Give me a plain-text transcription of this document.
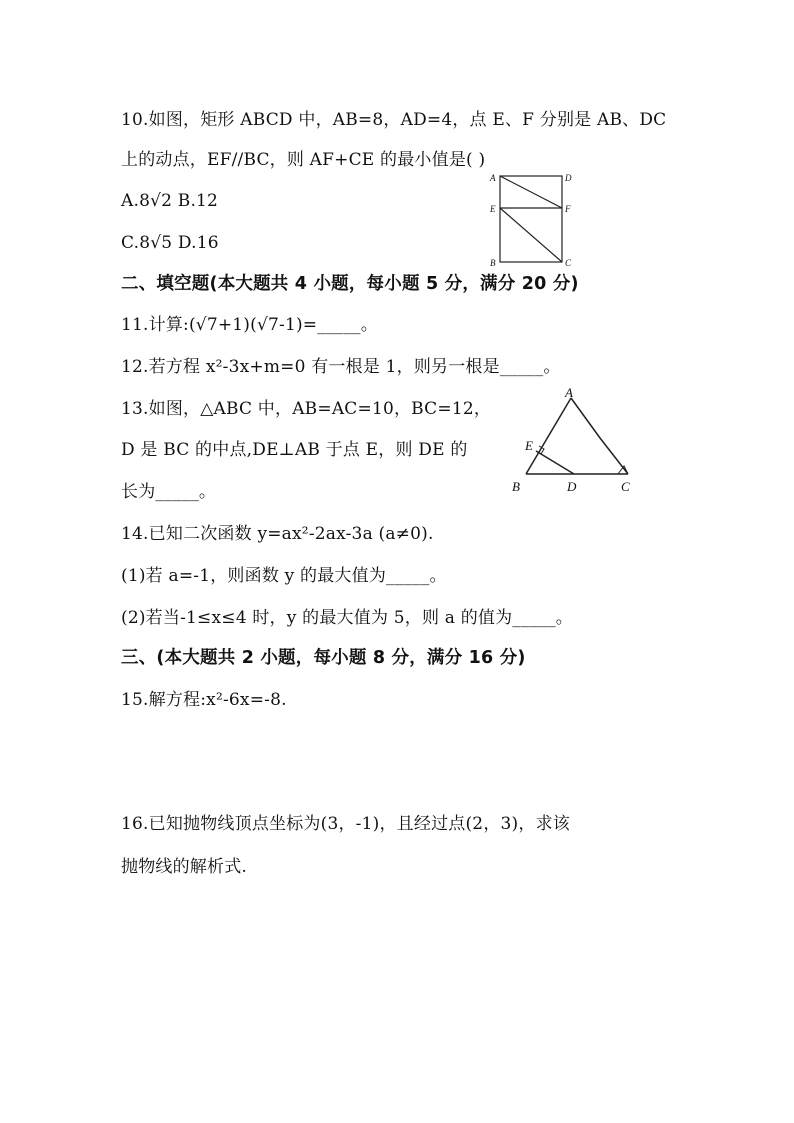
10.如图，矩形 ABCD 中，AB=8，AD=4，点 E、F 分别是 AB、DC
上的动点，EF//BC，则 AF+CE 的最小值是( )
A.8√2 B.12
C.8√5 D.16
A	D
E	F
B	C
二、填空题(本大题共 4 小题，每小题 5 分，满分 20 分)
11.计算:(√7+1)(√7-1)=_____。
12.若方程 x²-3x+m=0 有一根是 1，则另一根是_____。
13.如图，△ABC 中，AB=AC=10，BC=12，
D 是 BC 的中点,DE⊥AB 于点 E，则 DE 的
长为_____。
A
E
B	D	C
14.已知二次函数 y=ax²-2ax-3a (a≠0).
(1)若 a=-1，则函数 y 的最大值为_____。
(2)若当-1≤x≤4 时，y 的最大值为 5，则 a 的值为_____。
三、(本大题共 2 小题，每小题 8 分，满分 16 分)
15.解方程:x²-6x=-8.
16.已知抛物线顶点坐标为(3，-1)，且经过点(2，3)，求该
抛物线的解析式.
